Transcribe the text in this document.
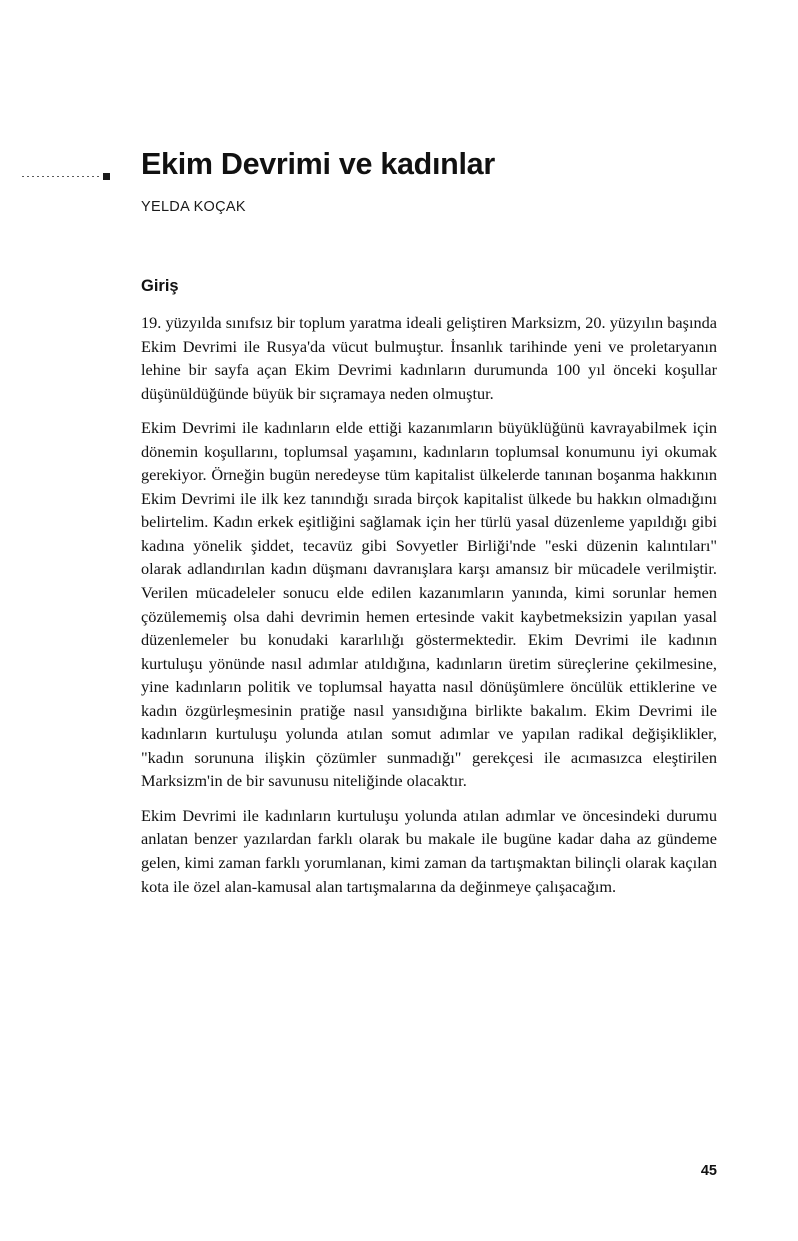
Ekim Devrimi ve kadınlar
YELDA KOÇAK
Giriş

19. yüzyılda sınıfsız bir toplum yaratma ideali geliştiren Marksizm, 20. yüzyılın başında Ekim Devrimi ile Rusya'da vücut bulmuştur. İnsanlık tarihinde yeni ve proletaryanın lehine bir sayfa açan Ekim Devrimi kadınların durumunda 100 yıl önceki koşullar düşünüldüğünde büyük bir sıçramaya neden olmuştur.

Ekim Devrimi ile kadınların elde ettiği kazanımların büyüklüğünü kavrayabilmek için dönemin koşullarını, toplumsal yaşamını, kadınların toplumsal konumunu iyi okumak gerekiyor. Örneğin bugün neredeyse tüm kapitalist ülkelerde tanınan boşanma hakkının Ekim Devrimi ile ilk kez tanındığı sırada birçok kapitalist ülkede bu hakkın olmadığını belirtelim. Kadın erkek eşitliğini sağlamak için her türlü yasal düzenleme yapıldığı gibi kadına yönelik şiddet, tecavüz gibi Sovyetler Birliği'nde "eski düzenin kalıntıları" olarak adlandırılan kadın düşmanı davranışlara karşı amansız bir mücadele verilmiştir. Verilen mücadeleler sonucu elde edilen kazanımların yanında, kimi sorunlar hemen çözülememiş olsa dahi devrimin hemen ertesinde vakit kaybetmeksizin yapılan yasal düzenlemeler bu konudaki kararlılığı göstermektedir. Ekim Devrimi ile kadının kurtuluşu yönünde nasıl adımlar atıldığına, kadınların üretim süreçlerine çekilmesine, yine kadınların politik ve toplumsal hayatta nasıl dönüşümlere öncülük ettiklerine ve kadın özgürleşmesinin pratiğe nasıl yansıdığına birlikte bakalım. Ekim Devrimi ile kadınların kurtuluşu yolunda atılan somut adımlar ve yapılan radikal değişiklikler, "kadın sorununa ilişkin çözümler sunmadığı" gerekçesi ile acımasızca eleştirilen Marksizm'in de bir savunusu niteliğinde olacaktır.

Ekim Devrimi ile kadınların kurtuluşu yolunda atılan adımlar ve öncesindeki durumu anlatan benzer yazılardan farklı olarak bu makale ile bugüne kadar daha az gündeme gelen, kimi zaman farklı yorumlanan, kimi zaman da tartışmaktan bilinçli olarak kaçılan kota ile özel alan-kamusal alan tartışmalarına da değinmeye çalışacağım.

45
